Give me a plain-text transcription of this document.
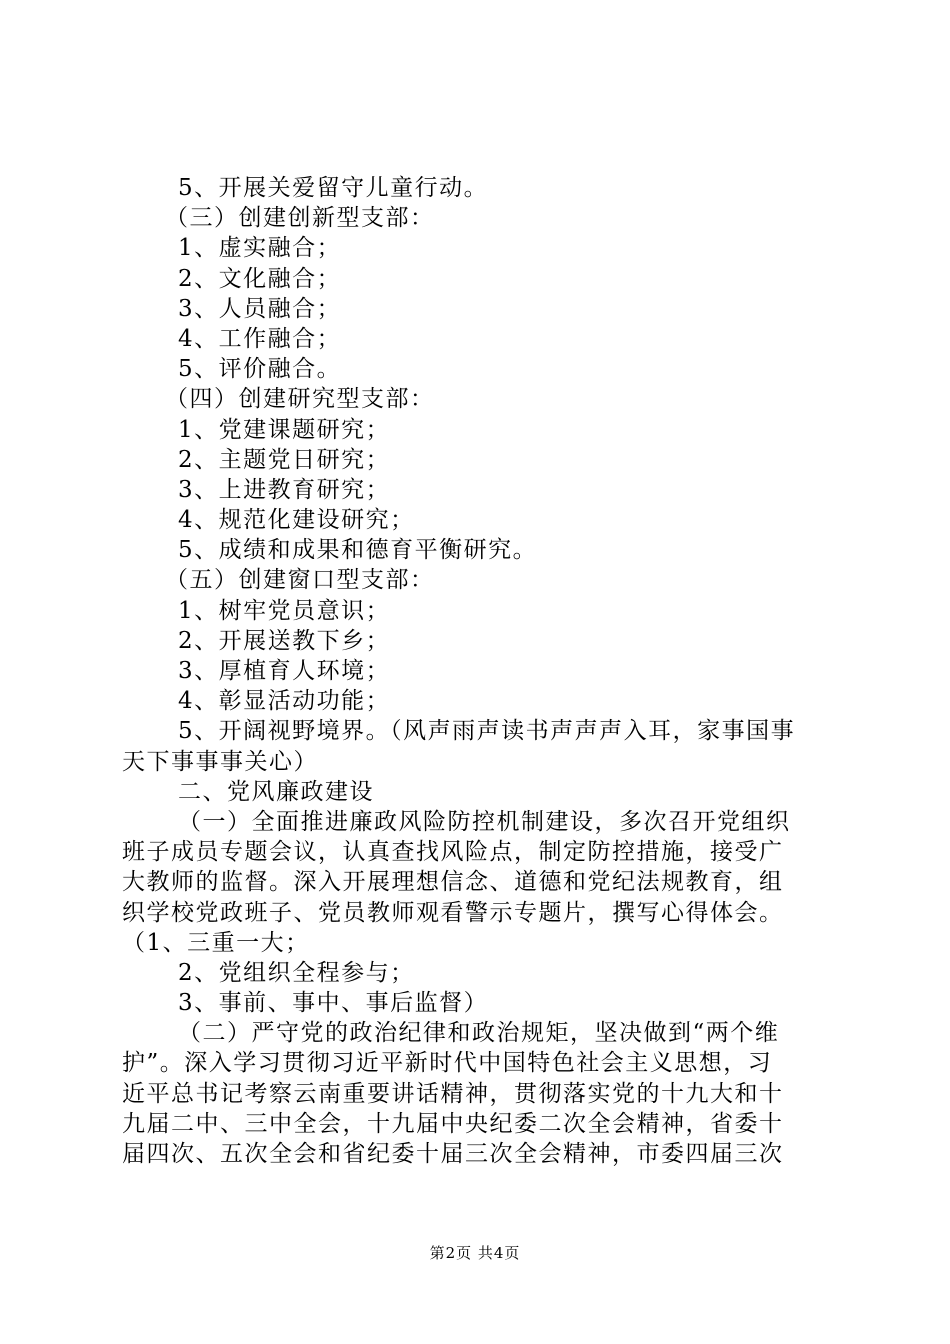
5、开展关爱留守儿童行动。
（三）创建创新型支部：
1、虚实融合；
2、文化融合；
3、人员融合；
4、工作融合；
5、评价融合。
（四）创建研究型支部：
1、党建课题研究；
2、主题党日研究；
3、上进教育研究；
4、规范化建设研究；
5、成绩和成果和德育平衡研究。
（五）创建窗口型支部：
1、树牢党员意识；
2、开展送教下乡；
3、厚植育人环境；
4、彰显活动功能；
5、开阔视野境界。（风声雨声读书声声声入耳，家事国事
天下事事事关心）
二、党风廉政建设
（一）全面推进廉政风险防控机制建设，多次召开党组织
班子成员专题会议，认真查找风险点，制定防控措施，接受广
大教师的监督。深入开展理想信念、道德和党纪法规教育，组
织学校党政班子、党员教师观看警示专题片，撰写心得体会。
（1、三重一大；
2、党组织全程参与；
3、事前、事中、事后监督）
（二）严守党的政治纪律和政治规矩，坚决做到“两个维
护”。深入学习贯彻习近平新时代中国特色社会主义思想，习
近平总书记考察云南重要讲话精神，贯彻落实党的十九大和十
九届二中、三中全会，十九届中央纪委二次全会精神，省委十
届四次、五次全会和省纪委十届三次全会精神，市委四届三次
第2页 共4页
